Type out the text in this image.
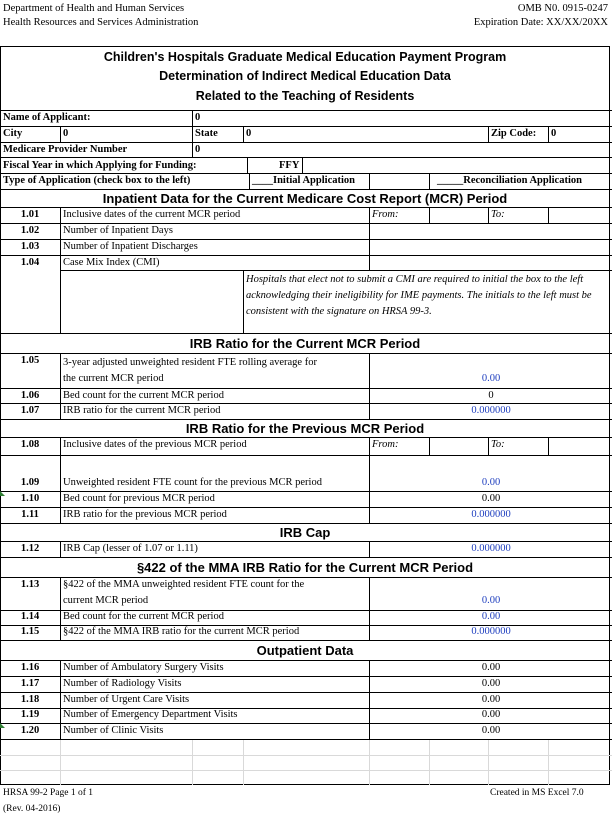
Department of Health and Human Services
Health Resources and Services Administration
OMB N0. 0915-0247
Expiration Date: XX/XX/20XX
Children's Hospitals Graduate Medical Education Payment Program
Determination of Indirect Medical Education Data
Related to the Teaching of Residents
Name of Applicant:	0
City	0	State	0	Zip Code: 0
Medicare Provider Number	0
Fiscal Year in which Applying for Funding:	FFY
Type of Application (check box to the left)	____Initial Application	_____Reconciliation Application
Inpatient Data for the Current Medicare Cost Report (MCR) Period
1.01	Inclusive dates of the current MCR period	From:	To:
1.02	Number of Inpatient Days
1.03	Number of Inpatient Discharges
1.04	Case Mix Index (CMI)
Hospitals that elect not to submit a CMI are required to initial the box to the left acknowledging their ineligibility for IME payments. The initials to the left must be consistent with the signature on HRSA 99-3.
IRB Ratio for the Current MCR Period
1.05	3-year adjusted unweighted resident FTE rolling average for
the current MCR period	0.00
1.06	Bed count for the current MCR period	0
1.07	IRB ratio for the current MCR period	0.000000
IRB Ratio for the Previous MCR Period
1.08	Inclusive dates of the previous MCR period	From:	To:
1.09	Unweighted resident FTE count for the previous MCR period	0.00
1.10	Bed count for previous MCR period	0.00
1.11	IRB ratio for the previous MCR period	0.000000
IRB Cap
1.12	IRB Cap (lesser of 1.07 or 1.11)	0.000000
§422 of the MMA IRB Ratio for the Current MCR Period
1.13	§422 of the MMA unweighted resident FTE count for the
current MCR period	0.00
1.14	Bed count for the current MCR period	0.00
1.15	§422 of the MMA IRB ratio for the current MCR period	0.000000
Outpatient Data
1.16	Number of Ambulatory Surgery Visits	0.00
1.17	Number of Radiology Visits	0.00
1.18	Number of Urgent Care Visits	0.00
1.19	Number of Emergency Department Visits	0.00
1.20	Number of Clinic Visits	0.00
HRSA 99-2 Page 1 of 1
(Rev. 04-2016)
Created in MS Excel 7.0
